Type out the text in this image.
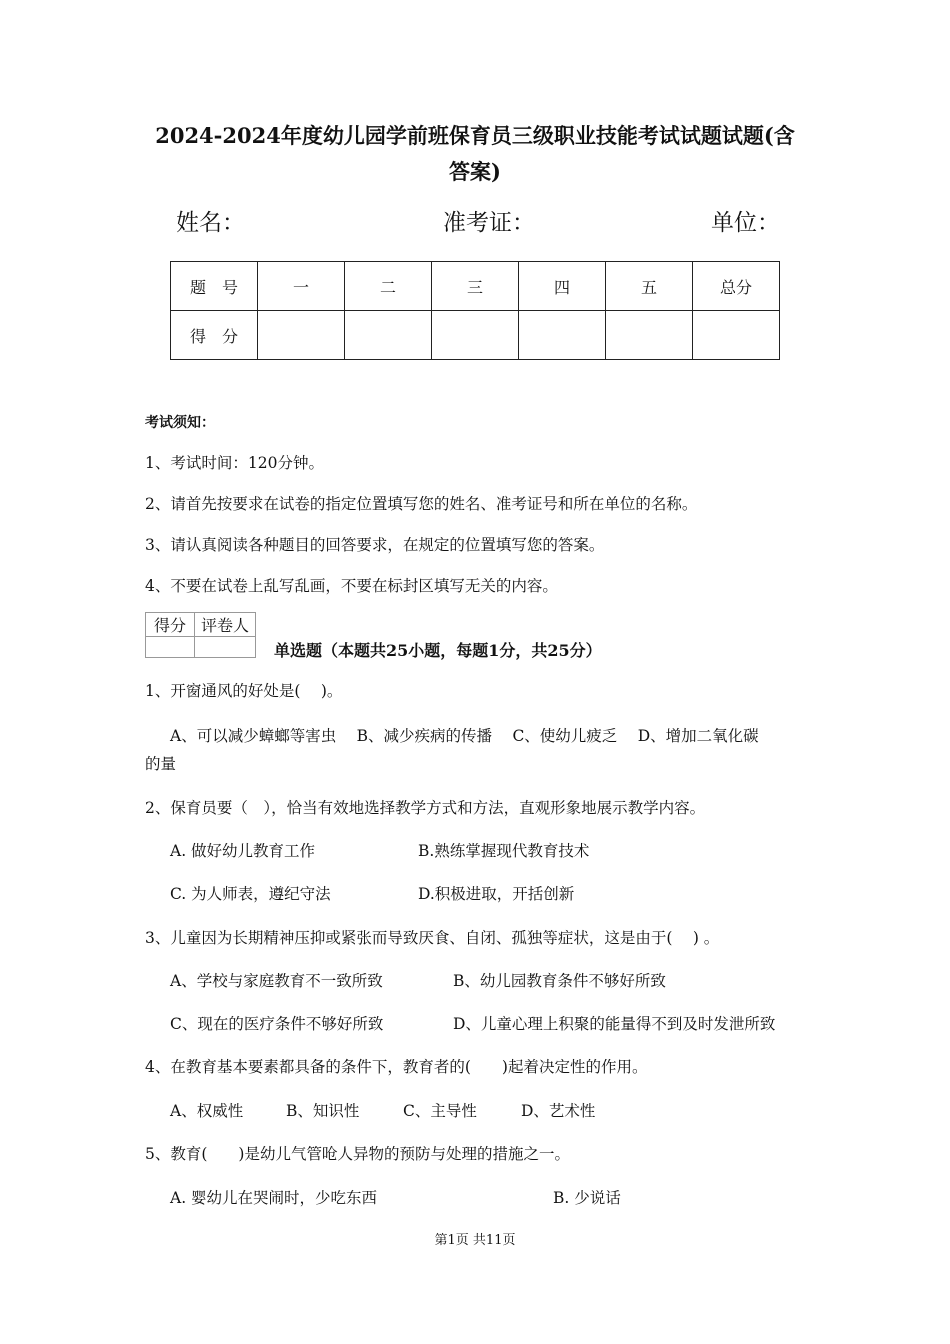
2024-2024年度幼儿园学前班保育员三级职业技能考试试题试题(含
答案)
姓名：	准考证：	单位：
题　号	一	二	三	四	五	总分
得　分						
考试须知：
1、考试时间：120分钟。
2、请首先按要求在试卷的指定位置填写您的姓名、准考证号和所在单位的名称。
3、请认真阅读各种题目的回答要求，在规定的位置填写您的答案。
4、不要在试卷上乱写乱画，不要在标封区填写无关的内容。
得分	评卷人

单选题（本题共25小题，每题1分，共25分）
1、开窗通风的好处是(　 )。
A、可以减少蟑螂等害虫　 B、减少疾病的传播　 C、使幼儿疲乏　 D、增加二氧化碳
的量
2、保育员要（　），恰当有效地选择教学方式和方法，直观形象地展示教学内容。
A. 做好幼儿教育工作	B.熟练掌握现代教育技术
C. 为人师表，遵纪守法	D.积极进取，开括创新
3、儿童因为长期精神压抑或紧张而导致厌食、自闭、孤独等症状，这是由于(　 ) 。
A、学校与家庭教育不一致所致	B、幼儿园教育条件不够好所致
C、现在的医疗条件不够好所致	D、儿童心理上积聚的能量得不到及时发泄所致
4、在教育基本要素都具备的条件下，教育者的(　　)起着决定性的作用。
A、权威性	B、知识性	C、主导性	D、艺术性
5、教育(　　)是幼儿气管呛人异物的预防与处理的措施之一。
A. 婴幼儿在哭闹时，少吃东西	B. 少说话
第1页 共11页
